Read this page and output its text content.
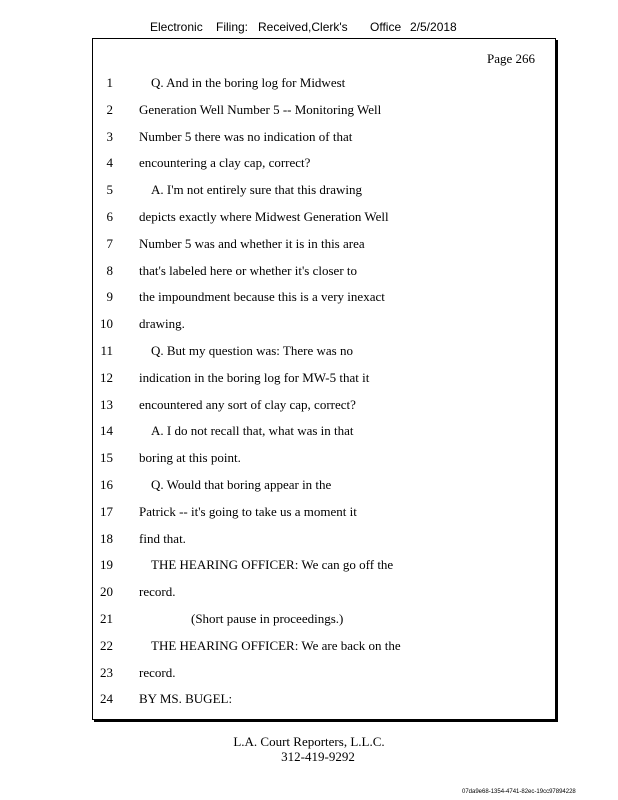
Electronic Filing: Received,Clerk's Office 2/5/2018
Page 266
1	Q. And in the boring log for Midwest
2 Generation Well Number 5 -- Monitoring Well
3 Number 5 there was no indication of that
4 encountering a clay cap, correct?
5	A. I'm not entirely sure that this drawing
6 depicts exactly where Midwest Generation Well
7 Number 5 was and whether it is in this area
8 that's labeled here or whether it's closer to
9 the impoundment because this is a very inexact
10 drawing.
11	Q. But my question was: There was no
12 indication in the boring log for MW-5 that it
13 encountered any sort of clay cap, correct?
14	A. I do not recall that, what was in that
15 boring at this point.
16	Q. Would that boring appear in the
17 Patrick -- it's going to take us a moment it
18 find that.
19	THE HEARING OFFICER: We can go off the
20 record.
21	(Short pause in proceedings.)
22	THE HEARING OFFICER: We are back on the
23 record.
24 BY MS. BUGEL:
L.A. Court Reporters, L.L.C.
312-419-9292
07da9e68-1354-4741-82ec-19cc97894228
